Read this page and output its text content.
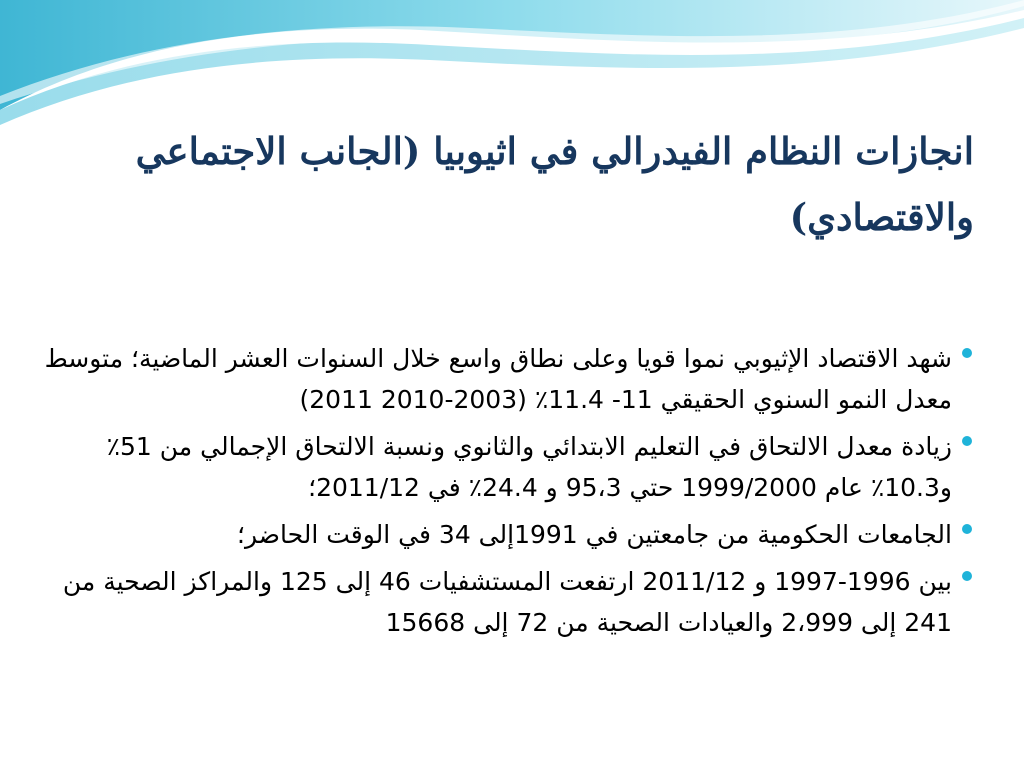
انجازات النظام الفيدرالي في اثيوبيا (الجانب الاجتماعي والاقتصادي)
شهد الاقتصاد الإثيوبي نموا قويا وعلى نطاق واسع خلال السنوات العشر الماضية؛ متوسط معدل النمو السنوي الحقيقي 11- 11.4٪ (2003-2010 2011)
زيادة معدل الالتحاق في التعليم الابتدائي والثانوي ونسبة الالتحاق الإجمالي من 51٪ و10.3٪ عام 1999/2000 حتي 95،3 و 24.4٪ في 2011/12؛
الجامعات الحكومية من جامعتين في 1991إلى 34 في الوقت الحاضر؛
بين 1996-1997 و 2011/12 ارتفعت المستشفيات 46 إلى 125 والمراكز الصحية من 241 إلى 2،999 والعيادات الصحية من 72 إلى 15668
